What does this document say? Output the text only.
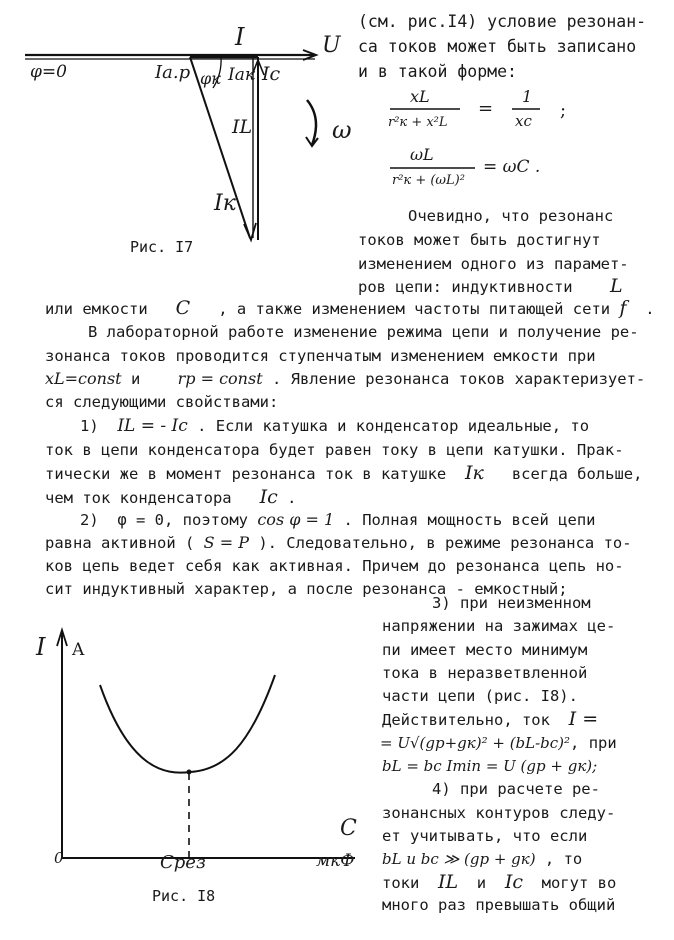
I	U
φ=0	Ia.р φк Iак Ic
IL
Iк
ω
Рис. I7
(см. рис.I4) условие резонан-
са токов может быть записано
и в такой форме:
xL
r²к + x²L
=
1
xc ;
ωL
r²к + (ωL)²
= ωC .
Очевидно, что резонанс
токов может быть достигнут
изменением одного из парамет-
ров цепи: индуктивности L
или емкости C , а также изменением частоты питающей сети f .
В лабораторной работе изменение режима цепи и получение ре-
зонанса токов проводится ступенчатым изменением емкости при
xL=const и rр = const . Явление резонанса токов характеризует-
ся следующими свойствами:
1) IL = - Ic . Если катушка и конденсатор идеальные, то
ток в цепи конденсатора будет равен току в цепи катушки. Прак-
тически же в момент резонанса ток в катушке Iк всегда больше,
чем ток конденсатора Ic .
2) φ = 0, поэтому cos φ = 1 . Полная мощность всей цепи
равна активной ( S = P ). Следовательно, в режиме резонанса то-
ков цепь ведет себя как активная. Причем до резонанса цепь но-
сит индуктивный характер, а после резонанса - емкостный;
I A
C
мкФ
0	Cрез
Рис. I8
3) при неизменном
напряжении на зажимах це-
пи имеет место минимум
тока в неразветвленной
части цепи (рис. I8).
Действительно, ток I =
= U√(gр+gк)² + (bL-bc)², при
bL = bc Imin = U (gр + gк);
4) при расчете ре-
зонансных контуров следу-
ет учитывать, что если
bL и bc ≫ (gр + gк) , то
токи IL и Ic могут во
много раз превышать общий
